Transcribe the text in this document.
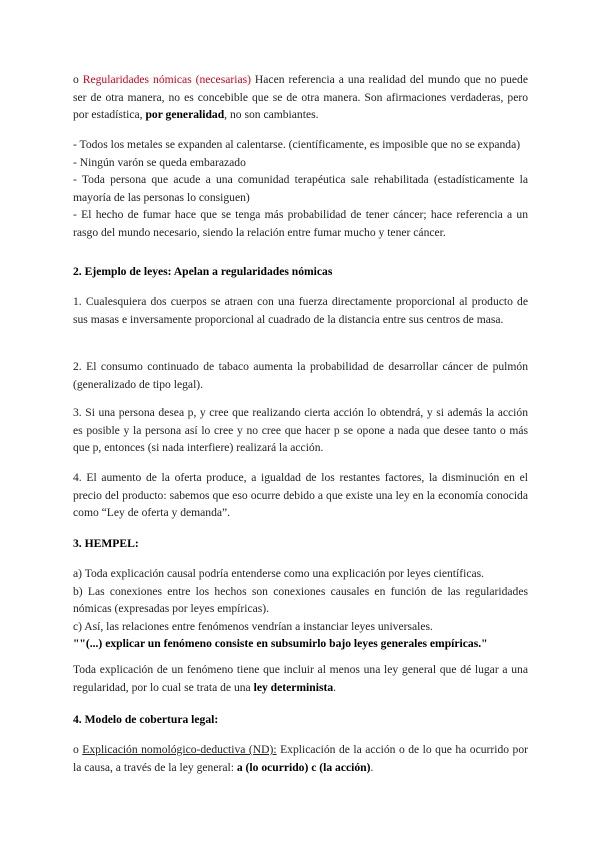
o Regularidades nómicas (necesarias) Hacen referencia a una realidad del mundo que no puede ser de otra manera, no es concebible que se de otra manera. Son afirmaciones verdaderas, pero por estadística, por generalidad, no son cambiantes.

- Todos los metales se expanden al calentarse. (científicamente, es imposible que no se expanda)
- Ningún varón se queda embarazado
- Toda persona que acude a una comunidad terapéutica sale rehabilitada (estadísticamente la mayoría de las personas lo consiguen)
- El hecho de fumar hace que se tenga más probabilidad de tener cáncer; hace referencia a un rasgo del mundo necesario, siendo la relación entre fumar mucho y tener cáncer.

2. Ejemplo de leyes: Apelan a regularidades nómicas

1. Cualesquiera dos cuerpos se atraen con una fuerza directamente proporcional al producto de sus masas e inversamente proporcional al cuadrado de la distancia entre sus centros de masa.

2. El consumo continuado de tabaco aumenta la probabilidad de desarrollar cáncer de pulmón (generalizado de tipo legal).

3. Si una persona desea p, y cree que realizando cierta acción lo obtendrá, y si además la acción es posible y la persona así lo cree y no cree que hacer p se opone a nada que desee tanto o más que p, entonces (si nada interfiere) realizará la acción.

4. El aumento de la oferta produce, a igualdad de los restantes factores, la disminución en el precio del producto: sabemos que eso ocurre debido a que existe una ley en la economía conocida como “Ley de oferta y demanda”.

3. HEMPEL:

a) Toda explicación causal podría entenderse como una explicación por leyes científicas.
b) Las conexiones entre los hechos son conexiones causales en función de las regularidades nómicas (expresadas por leyes empíricas).
c) Así, las relaciones entre fenómenos vendrían a instanciar leyes universales.
""(...) explicar un fenómeno consiste en subsumirlo bajo leyes generales empíricas."

Toda explicación de un fenómeno tiene que incluir al menos una ley general que dé lugar a una regularidad, por lo cual se trata de una ley determinista.

4. Modelo de cobertura legal:

o Explicación nomológico-deductiva (ND): Explicación de la acción o de lo que ha ocurrido por la causa, a través de la ley general: a (lo ocurrido) c (la acción).
